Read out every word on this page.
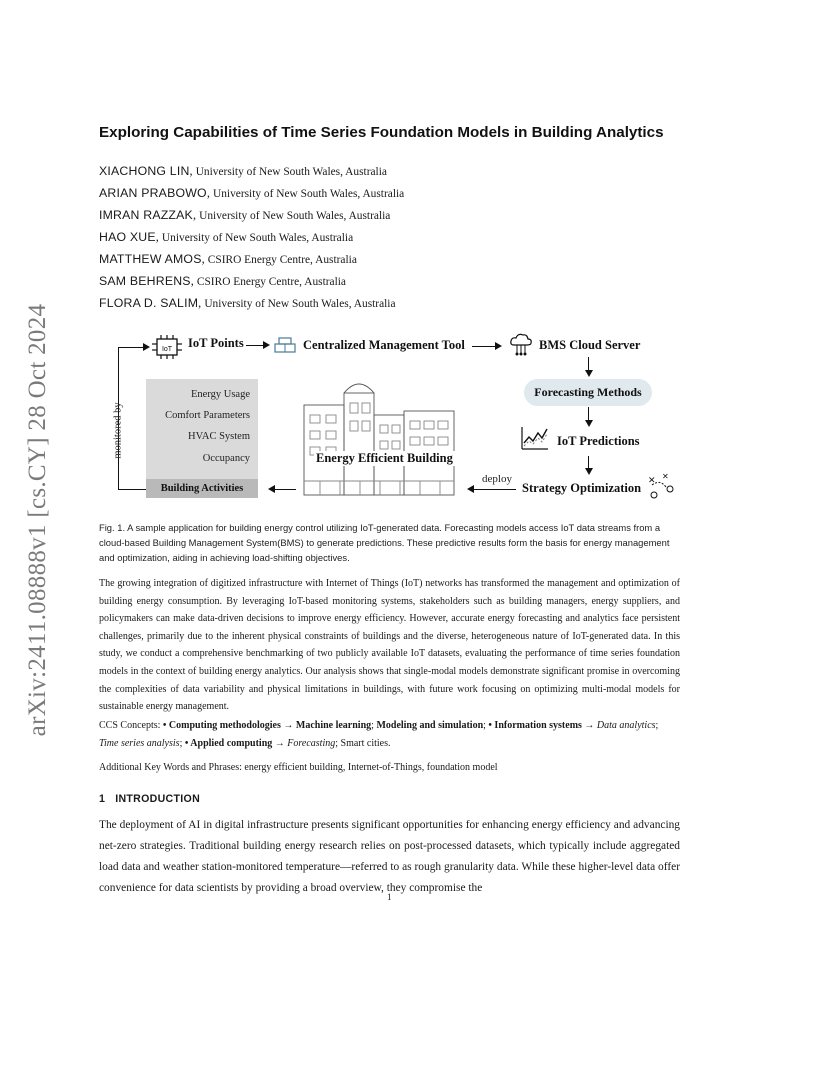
arXiv:2411.08888v1 [cs.CY] 28 Oct 2024
Exploring Capabilities of Time Series Foundation Models in Building Analytics
XIACHONG LIN, University of New South Wales, Australia
ARIAN PRABOWO, University of New South Wales, Australia
IMRAN RAZZAK, University of New South Wales, Australia
HAO XUE, University of New South Wales, Australia
MATTHEW AMOS, CSIRO Energy Centre, Australia
SAM BEHRENS, CSIRO Energy Centre, Australia
FLORA D. SALIM, University of New South Wales, Australia
IoT IoT Points	Centralized Management Tool	BMS Cloud Server
Forecasting Methods
IoT Predictions
Strategy Optimization ✕ ✕
deploy
Energy Efficient Building
monitored by
Energy Usage
Comfort Parameters
HVAC System
Occupancy
Building Activities

Fig. 1. A sample application for building energy control utilizing IoT-generated data. Forecasting models access IoT data streams from a cloud-based Building Management System(BMS) to generate predictions. These predictive results form the basis for energy management and optimization, aiding in achieving load-shifting objectives.

The growing integration of digitized infrastructure with Internet of Things (IoT) networks has transformed the management and optimization of building energy consumption. By leveraging IoT-based monitoring systems, stakeholders such as building managers, energy suppliers, and policymakers can make data-driven decisions to improve energy efficiency. However, accurate energy forecasting and analytics face persistent challenges, primarily due to the inherent physical constraints of buildings and the diverse, heterogeneous nature of IoT-generated data. In this study, we conduct a comprehensive benchmarking of two publicly available IoT datasets, evaluating the performance of time series foundation models in the context of building energy analytics. Our analysis shows that single-modal models demonstrate significant promise in overcoming the complexities of data variability and physical limitations in buildings, with future work focusing on optimizing multi-modal models for sustainable energy management.

CCS Concepts: • Computing methodologies → Machine learning; Modeling and simulation; • Information systems → Data analytics; Time series analysis; • Applied computing → Forecasting; Smart cities.

Additional Key Words and Phrases: energy efficient building, Internet-of-Things, foundation model

1 INTRODUCTION

The deployment of AI in digital infrastructure presents significant opportunities for enhancing energy efficiency and advancing net-zero strategies. Traditional building energy research relies on post-processed datasets, which typically include aggregated load data and weather station-monitored temperature—referred to as rough granularity data. While these higher-level data offer convenience for data scientists by providing a broad overview, they compromise the

1
